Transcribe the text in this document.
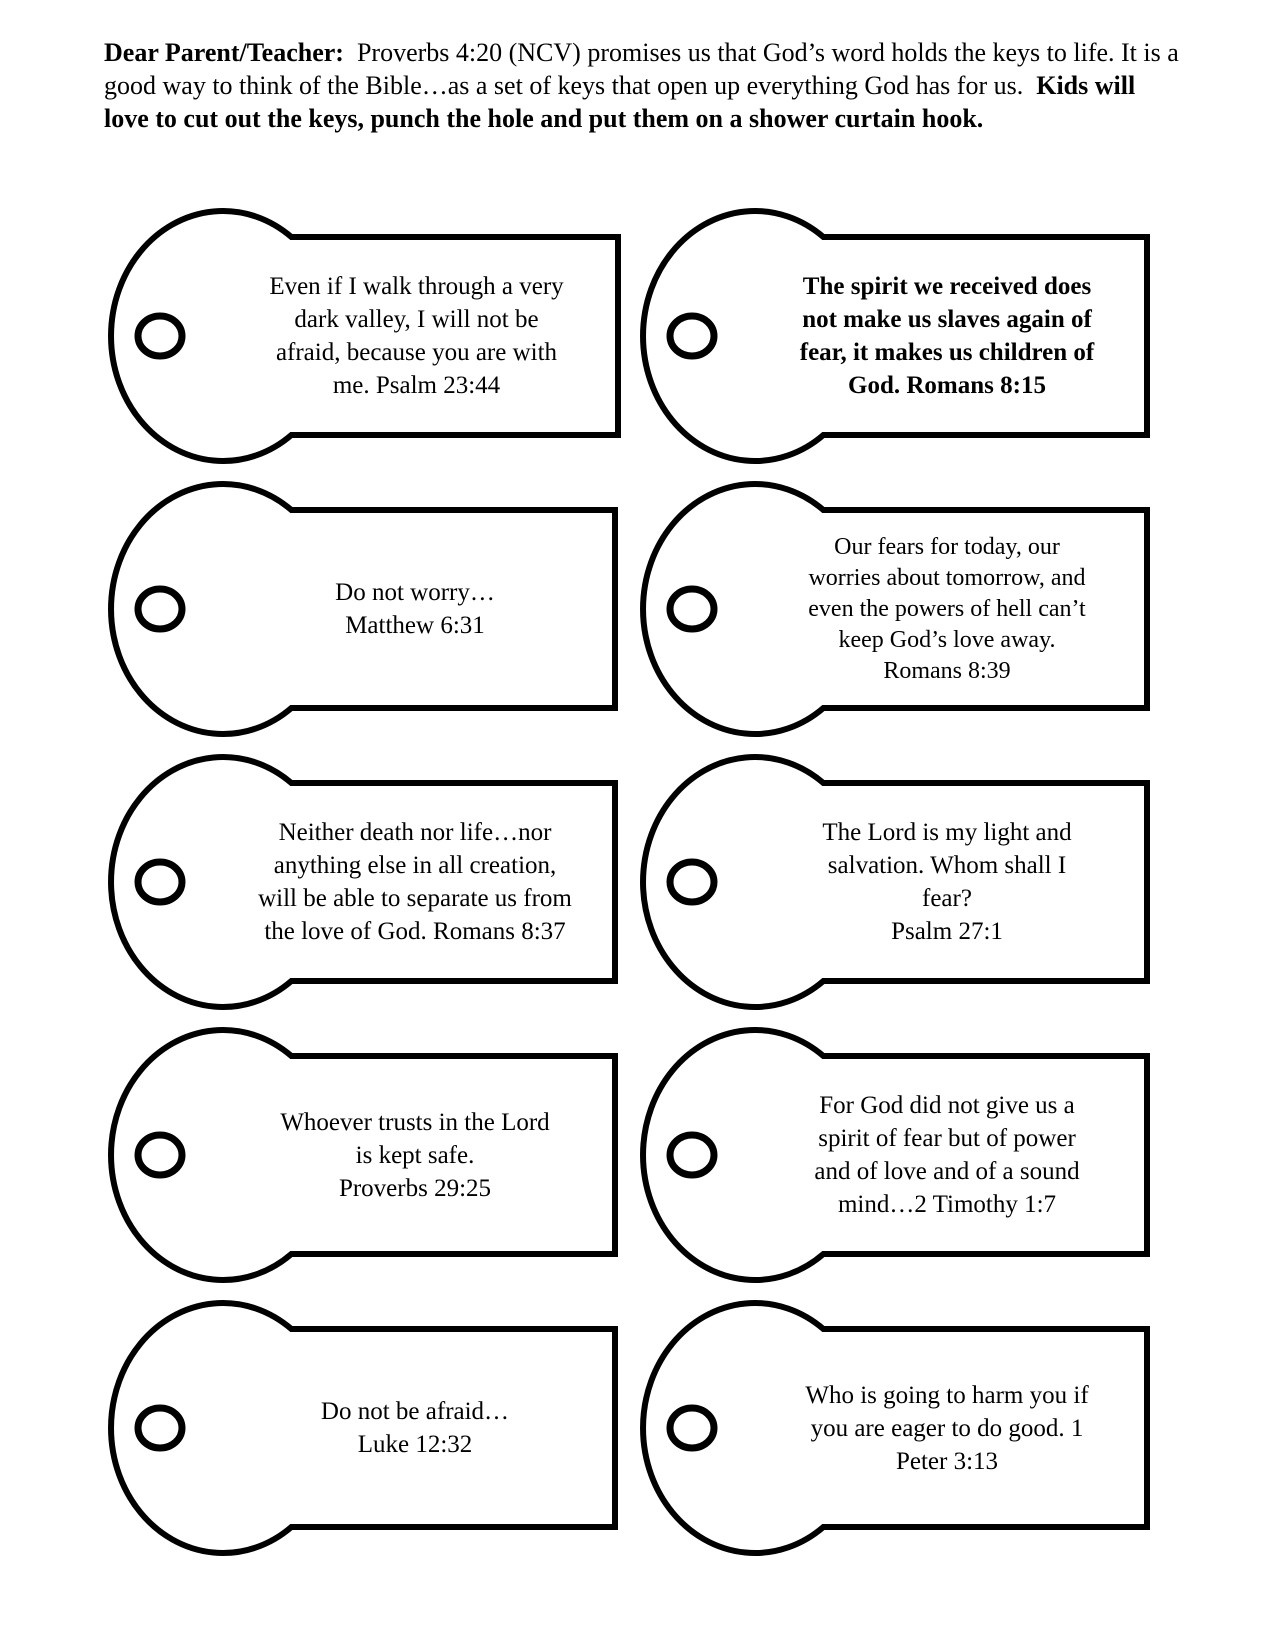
Dear Parent/Teacher: Proverbs 4:20 (NCV) promises us that God’s word holds the keys to life. It is a good way to think of the Bible…as a set of keys that open up everything God has for us. Kids will love to cut out the keys, punch the hole and put them on a shower curtain hook.
Even if I walk through a very
dark valley, I will not be
afraid, because you are with
me. Psalm 23:44
The spirit we received does
not make us slaves again of
fear, it makes us children of
God. Romans 8:15
Do not worry…
Matthew 6:31
Our fears for today, our
worries about tomorrow, and
even the powers of hell can’t
keep God’s love away.
Romans 8:39
Neither death nor life…nor
anything else in all creation,
will be able to separate us from
the love of God. Romans 8:37
The Lord is my light and
salvation. Whom shall I
fear?
Psalm 27:1
Whoever trusts in the Lord
is kept safe.
Proverbs 29:25
For God did not give us a
spirit of fear but of power
and of love and of a sound
mind…2 Timothy 1:7
Do not be afraid…
Luke 12:32
Who is going to harm you if
you are eager to do good. 1
Peter 3:13
